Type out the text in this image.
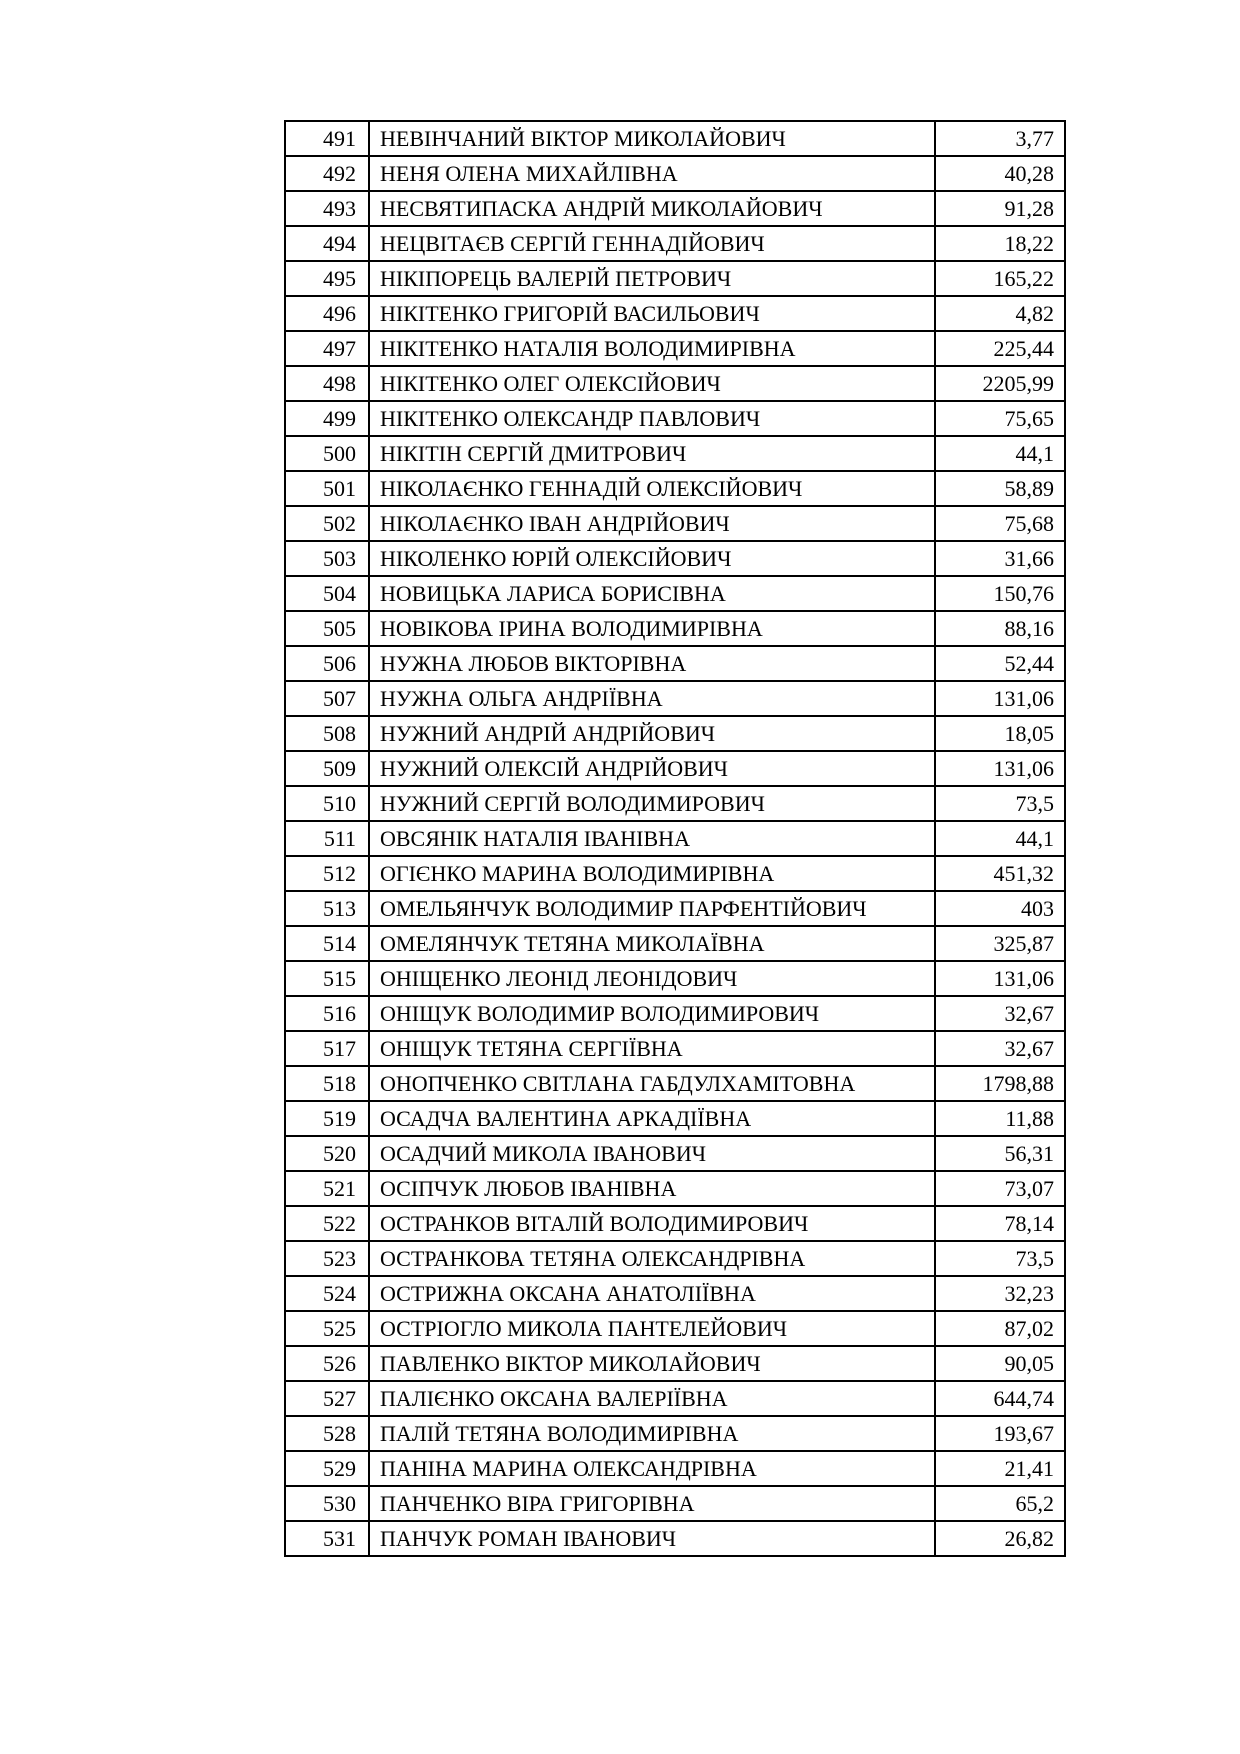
491	НЕВІНЧАНИЙ ВІКТОР МИКОЛАЙОВИЧ	3,77
492	НЕНЯ ОЛЕНА МИХАЙЛІВНА	40,28
493	НЕСВЯТИПАСКА АНДРІЙ МИКОЛАЙОВИЧ	91,28
494	НЕЦВІТАЄВ СЕРГІЙ ГЕННАДІЙОВИЧ	18,22
495	НІКІПОРЕЦЬ ВАЛЕРІЙ ПЕТРОВИЧ	165,22
496	НІКІТЕНКО ГРИГОРІЙ ВАСИЛЬОВИЧ	4,82
497	НІКІТЕНКО НАТАЛІЯ ВОЛОДИМИРІВНА	225,44
498	НІКІТЕНКО ОЛЕГ ОЛЕКСІЙОВИЧ	2205,99
499	НІКІТЕНКО ОЛЕКСАНДР ПАВЛОВИЧ	75,65
500	НІКІТІН СЕРГІЙ ДМИТРОВИЧ	44,1
501	НІКОЛАЄНКО ГЕННАДІЙ ОЛЕКСІЙОВИЧ	58,89
502	НІКОЛАЄНКО ІВАН АНДРІЙОВИЧ	75,68
503	НІКОЛЕНКО ЮРІЙ ОЛЕКСІЙОВИЧ	31,66
504	НОВИЦЬКА ЛАРИСА БОРИСІВНА	150,76
505	НОВІКОВА ІРИНА ВОЛОДИМИРІВНА	88,16
506	НУЖНА ЛЮБОВ ВІКТОРІВНА	52,44
507	НУЖНА ОЛЬГА АНДРІЇВНА	131,06
508	НУЖНИЙ АНДРІЙ АНДРІЙОВИЧ	18,05
509	НУЖНИЙ ОЛЕКСІЙ АНДРІЙОВИЧ	131,06
510	НУЖНИЙ СЕРГІЙ ВОЛОДИМИРОВИЧ	73,5
511	ОВСЯНІК НАТАЛІЯ ІВАНІВНА	44,1
512	ОГІЄНКО МАРИНА ВОЛОДИМИРІВНА	451,32
513	ОМЕЛЬЯНЧУК ВОЛОДИМИР ПАРФЕНТІЙОВИЧ	403
514	ОМЕЛЯНЧУК ТЕТЯНА МИКОЛАЇВНА	325,87
515	ОНІЩЕНКО ЛЕОНІД ЛЕОНІДОВИЧ	131,06
516	ОНІЩУК ВОЛОДИМИР ВОЛОДИМИРОВИЧ	32,67
517	ОНІЩУК ТЕТЯНА СЕРГІЇВНА	32,67
518	ОНОПЧЕНКО СВІТЛАНА ГАБДУЛХАМІТОВНА	1798,88
519	ОСАДЧА ВАЛЕНТИНА АРКАДІЇВНА	11,88
520	ОСАДЧИЙ МИКОЛА ІВАНОВИЧ	56,31
521	ОСІПЧУК ЛЮБОВ ІВАНІВНА	73,07
522	ОСТРАНКОВ ВІТАЛІЙ ВОЛОДИМИРОВИЧ	78,14
523	ОСТРАНКОВА ТЕТЯНА ОЛЕКСАНДРІВНА	73,5
524	ОСТРИЖНА ОКСАНА АНАТОЛІЇВНА	32,23
525	ОСТРІОГЛО МИКОЛА ПАНТЕЛЕЙОВИЧ	87,02
526	ПАВЛЕНКО ВІКТОР МИКОЛАЙОВИЧ	90,05
527	ПАЛІЄНКО ОКСАНА ВАЛЕРІЇВНА	644,74
528	ПАЛІЙ ТЕТЯНА ВОЛОДИМИРІВНА	193,67
529	ПАНІНА МАРИНА ОЛЕКСАНДРІВНА	21,41
530	ПАНЧЕНКО ВІРА ГРИГОРІВНА	65,2
531	ПАНЧУК РОМАН ІВАНОВИЧ	26,82
